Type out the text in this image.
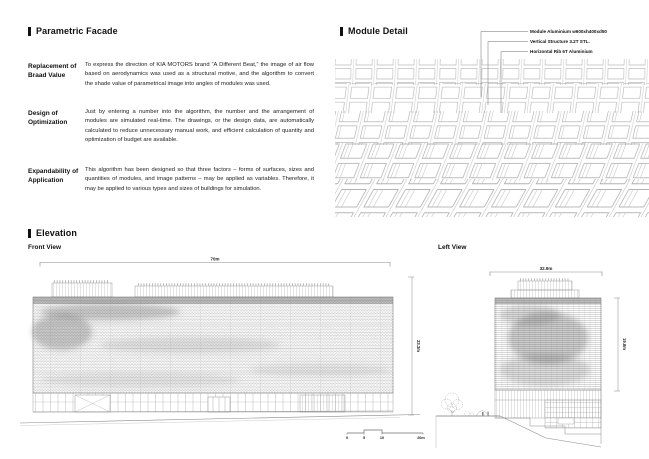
Parametric Facade
Replacement of
Braad Value

To express the direction of KIA MOTORS brand “A Different Beat,” the image of air flow based on aerodynamics was used as a structural motive, and the algorithm to convert the shade value of parametrical image into angles of modules was used.

Design of
Optimization

Just by entering a number into the algorithm, the number and the arrangement of modules are simulated real-time. The drawings, or the design data, are automatically calculated to reduce unnecessary manual work, and efficient calculation of quantity and optimization of budget are available.

Expandability of
Application

This algorithm has been designed so that three factors – forms of surfaces, sizes and quantities of modules, and image patterns – may be applied as variables. Therefore, it may be applied to various types and sizes of buildings for simulation.

Module Detail	Module Aluminium w600xh400xd50
Vertical Structure 3.2T STL.
Horizontal Rib 6T Aluminium
Elevation
Front View	Left View
70m
23.3m
0	5	10	20m
32.9m
19.8m
